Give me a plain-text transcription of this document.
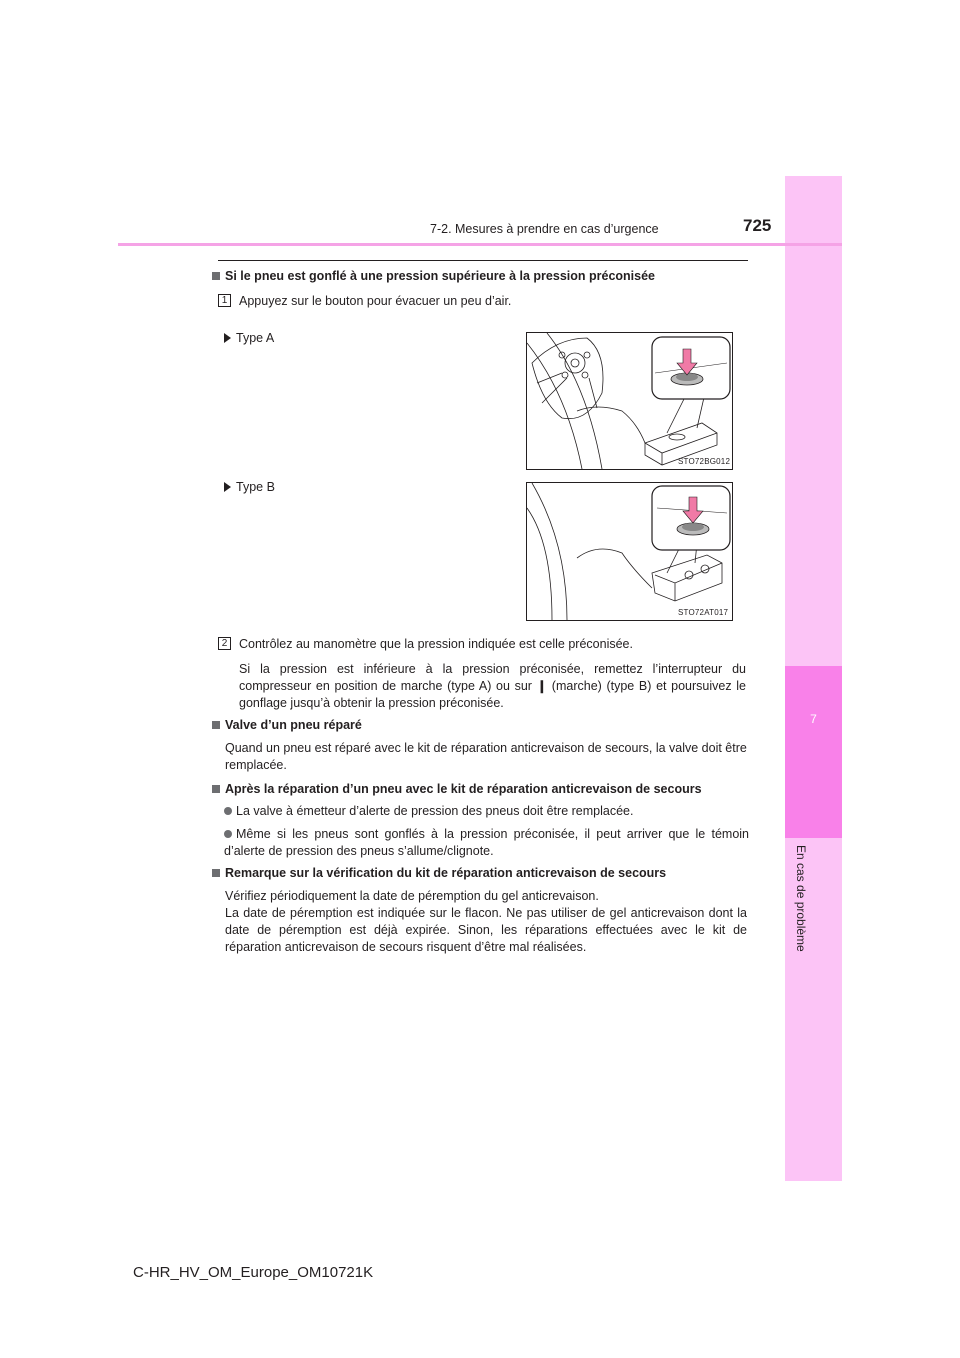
7
En cas de problème
7-2. Mesures à prendre en cas d’urgence	725
Si le pneu est gonflé à une pression supérieure à la pression préconisée
1 Appuyez sur le bouton pour évacuer un peu d’air.
Type A
STO72BG012
Type B
STO72AT017
2 Contrôlez au manomètre que la pression indiquée est celle préconisée.
Si la pression est inférieure à la pression préconisée, remettez l’interrupteur du compresseur en position de marche (type A) ou sur ❙ (marche) (type B) et poursuivez le gonflage jusqu’à obtenir la pression préconisée.
Valve d’un pneu réparé
Quand un pneu est réparé avec le kit de réparation anticrevaison de secours, la valve doit être remplacée.
Après la réparation d’un pneu avec le kit de réparation anticrevaison de secours
La valve à émetteur d’alerte de pression des pneus doit être remplacée.
Même si les pneus sont gonflés à la pression préconisée, il peut arriver que le témoin d’alerte de pression des pneus s’allume/clignote.
Remarque sur la vérification du kit de réparation anticrevaison de secours
Vérifiez périodiquement la date de péremption du gel anticrevaison.
La date de péremption est indiquée sur le flacon. Ne pas utiliser de gel anticrevaison dont la date de péremption est déjà expirée. Sinon, les réparations effectuées avec le kit de réparation anticrevaison de secours risquent d’être mal réalisées.
C-HR_HV_OM_Europe_OM10721K
